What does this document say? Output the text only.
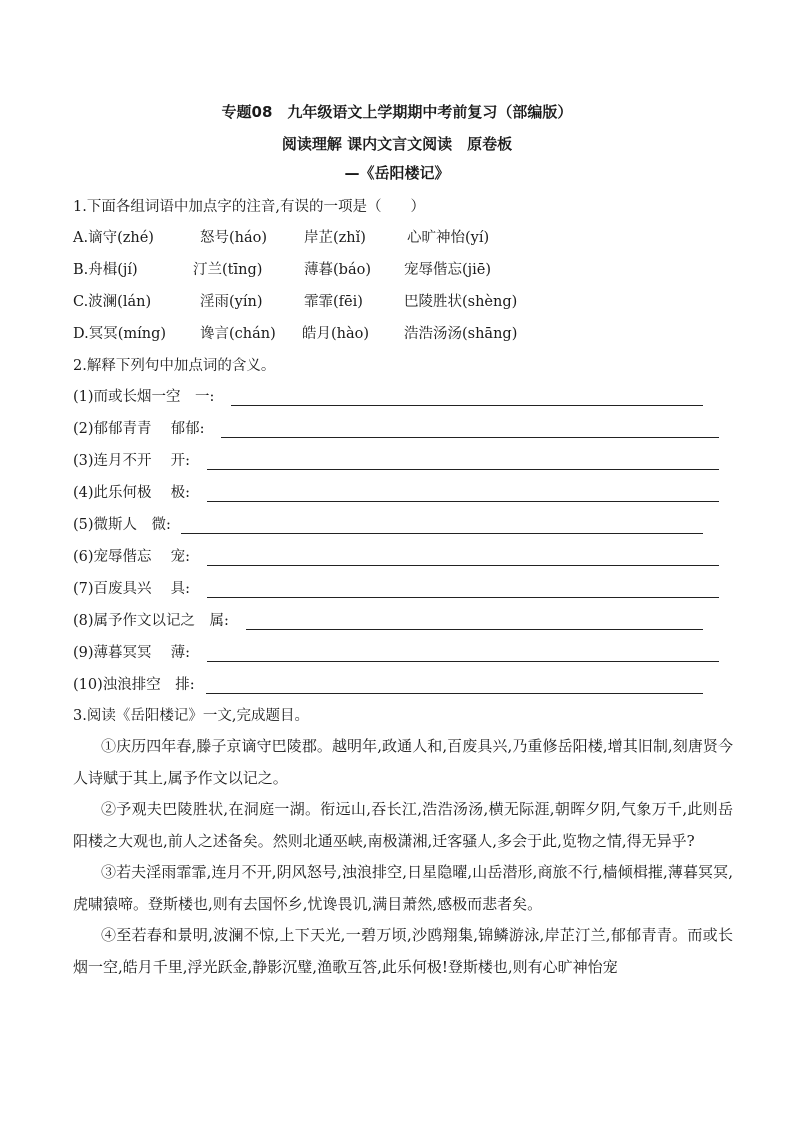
专题08　九年级语文上学期期中考前复习（部编版）
阅读理解 课内文言文阅读　原卷板
—《岳阳楼记》
1.下面各组词语中加点字的注音,有误的一项是（　　）
A.谪守(zhé)	怒号(háo)	岸芷(zhǐ)	心旷神怡(yí)
B.舟楫(jí)	汀兰(tīng)	薄暮(báo) 宠辱偕忘(jiē)
C.波澜(lán)	淫雨(yín)	霏霏(fēi)	巴陵胜状(shèng)
D.冥冥(míng) 谗言(chán) 皓月(hào) 浩浩汤汤(shāng)
2.解释下列句中加点词的含义。
(1)而或长烟一空　一:
(2)郁郁青青　 郁郁:
(3)连月不开　 开:
(4)此乐何极　 极:
(5)微斯人　微:
(6)宠辱偕忘　 宠:
(7)百废具兴　 具:
(8)属予作文以记之　属:
(9)薄暮冥冥　 薄:
(10)浊浪排空　排:
3.阅读《岳阳楼记》一文,完成题目。

①庆历四年春,滕子京谪守巴陵郡。越明年,政通人和,百废具兴,乃重修岳阳楼,增其旧制,刻唐贤今人诗赋于其上,属予作文以记之。

②予观夫巴陵胜状,在洞庭一湖。衔远山,吞长江,浩浩汤汤,横无际涯,朝晖夕阴,气象万千,此则岳阳楼之大观也,前人之述备矣。然则北通巫峡,南极潇湘,迁客骚人,多会于此,览物之情,得无异乎?

③若夫淫雨霏霏,连月不开,阴风怒号,浊浪排空,日星隐曜,山岳潜形,商旅不行,樯倾楫摧,薄暮冥冥,虎啸猿啼。登斯楼也,则有去国怀乡,忧谗畏讥,满目萧然,感极而悲者矣。

④至若春和景明,波澜不惊,上下天光,一碧万顷,沙鸥翔集,锦鳞游泳,岸芷汀兰,郁郁青青。而或长烟一空,皓月千里,浮光跃金,静影沉璧,渔歌互答,此乐何极!登斯楼也,则有心旷神怡宠
